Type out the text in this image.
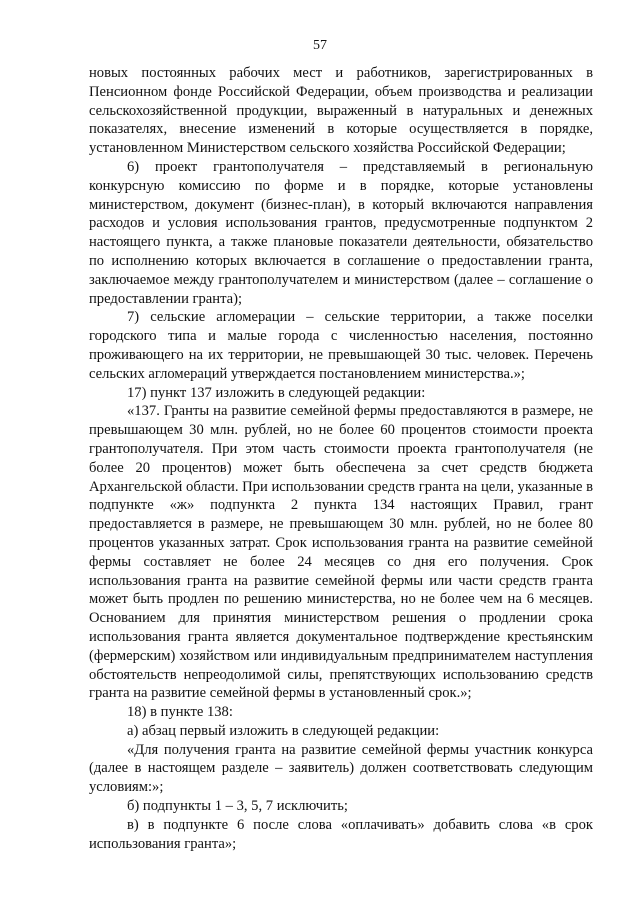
57

новых постоянных рабочих мест и работников, зарегистрированных в Пенсионном фонде Российской Федерации, объем производства и реализации сельскохозяйственной продукции, выраженный в натуральных и денежных показателях, внесение изменений в которые осуществляется в порядке, установленном Министерством сельского хозяйства Российской Федерации;

6) проект грантополучателя – представляемый в региональную конкурсную комиссию по форме и в порядке, которые установлены министерством, документ (бизнес-план), в который включаются направления расходов и условия использования грантов, предусмотренные подпунктом 2 настоящего пункта, а также плановые показатели деятельности, обязательство по исполнению которых включается в соглашение о предоставлении гранта, заключаемое между грантополучателем и министерством (далее – соглашение о предоставлении гранта);

7) сельские агломерации – сельские территории, а также поселки городского типа и малые города с численностью населения, постоянно проживающего на их территории, не превышающей 30 тыс. человек. Перечень сельских агломераций утверждается постановлением министерства.»;

17) пункт 137 изложить в следующей редакции:

«137. Гранты на развитие семейной фермы предоставляются в размере, не превышающем 30 млн. рублей, но не более 60 процентов стоимости проекта грантополучателя. При этом часть стоимости проекта грантополучателя (не более 20 процентов) может быть обеспечена за счет средств бюджета Архангельской области. При использовании средств гранта на цели, указанные в подпункте «ж» подпункта 2 пункта 134 настоящих Правил, грант предоставляется в размере, не превышающем 30 млн. рублей, но не более 80 процентов указанных затрат. Срок использования гранта на развитие семейной фермы составляет не более 24 месяцев со дня его получения. Срок использования гранта на развитие семейной фермы или части средств гранта может быть продлен по решению министерства, но не более чем на 6 месяцев. Основанием для принятия министерством решения о продлении срока использования гранта является документальное подтверждение крестьянским (фермерским) хозяйством или индивидуальным предпринимателем наступления обстоятельств непреодолимой силы, препятствующих использованию средств гранта на развитие семейной фермы в установленный срок.»;

18) в пункте 138:

а) абзац первый изложить в следующей редакции:

«Для получения гранта на развитие семейной фермы участник конкурса (далее в настоящем разделе – заявитель) должен соответствовать следующим условиям:»;

б) подпункты 1 – 3, 5, 7 исключить;

в) в подпункте 6 после слова «оплачивать» добавить слова «в срок использования гранта»;
